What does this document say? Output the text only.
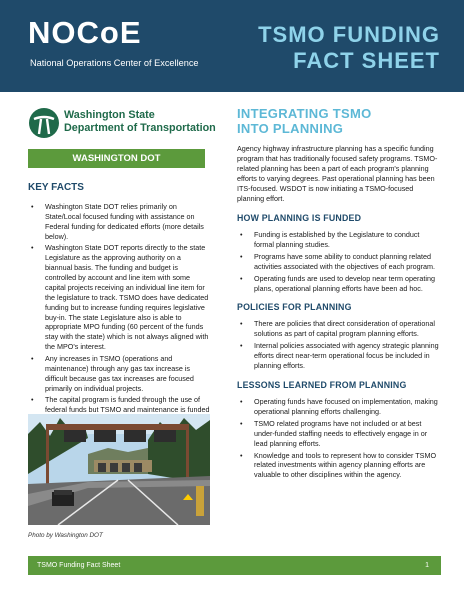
NOCoE
National Operations Center of Excellence
TSMO FUNDING
FACT SHEET
Washington State
Department of Transportation
WASHINGTON DOT
KEY FACTS
• Washington State DOT relies primarily on State/Local focused funding with assistance on Federal funding for dedicated efforts (more details below).
• Washington State DOT reports directly to the state Legislature as the approving authority on a biannual basis. The funding and budget is controlled by account and line item with some capital projects receiving an individual line item for the legislature to track. TSMO does have dedicated funding but to increase funding requires legislative buy-in. The state Legislature also is able to appropriate MPO funding (60 percent of the funds stay with the state) which is not always aligned with the MPO's interest.
• Any increases in TSMO (operations and maintenance) through any gas tax increase is difficult because gas tax increases are focused primarily on individual projects.
• The capital program is funded through the use of federal funds but TSMO and maintenance is funded
Photo by Washington DOT
INTEGRATING TSMO
INTO PLANNING
Agency highway infrastructure planning has a specific funding program that has traditionally focused safety programs. TSMO-related planning has been a part of each program's planning efforts to varying degrees. Past operational planning has been ITS-focused. WSDOT is now initiating a TSMO-focused planning effort.
HOW PLANNING IS FUNDED
• Funding is established by the Legislature to conduct formal planning studies.
• Programs have some ability to conduct planning related activities associated with the objectives of each program.
• Operating funds are used to develop near term operating plans, operational planning efforts have been ad hoc.
POLICIES FOR PLANNING
• There are policies that direct consideration of operational solutions as part of capital program planning efforts.
• Internal policies associated with agency strategic planning efforts direct near-term operational focus be included in planning efforts.
LESSONS LEARNED FROM PLANNING
• Operating funds have focused on implementation, making operational planning efforts challenging.
• TSMO related programs have not included or at best under-funded staffing needs to effectively engage in or lead planning efforts.
• Knowledge and tools to represent how to consider TSMO related investments within agency planning efforts are valuable to other disciplines within the agency.
TSMO Funding Fact Sheet	1
